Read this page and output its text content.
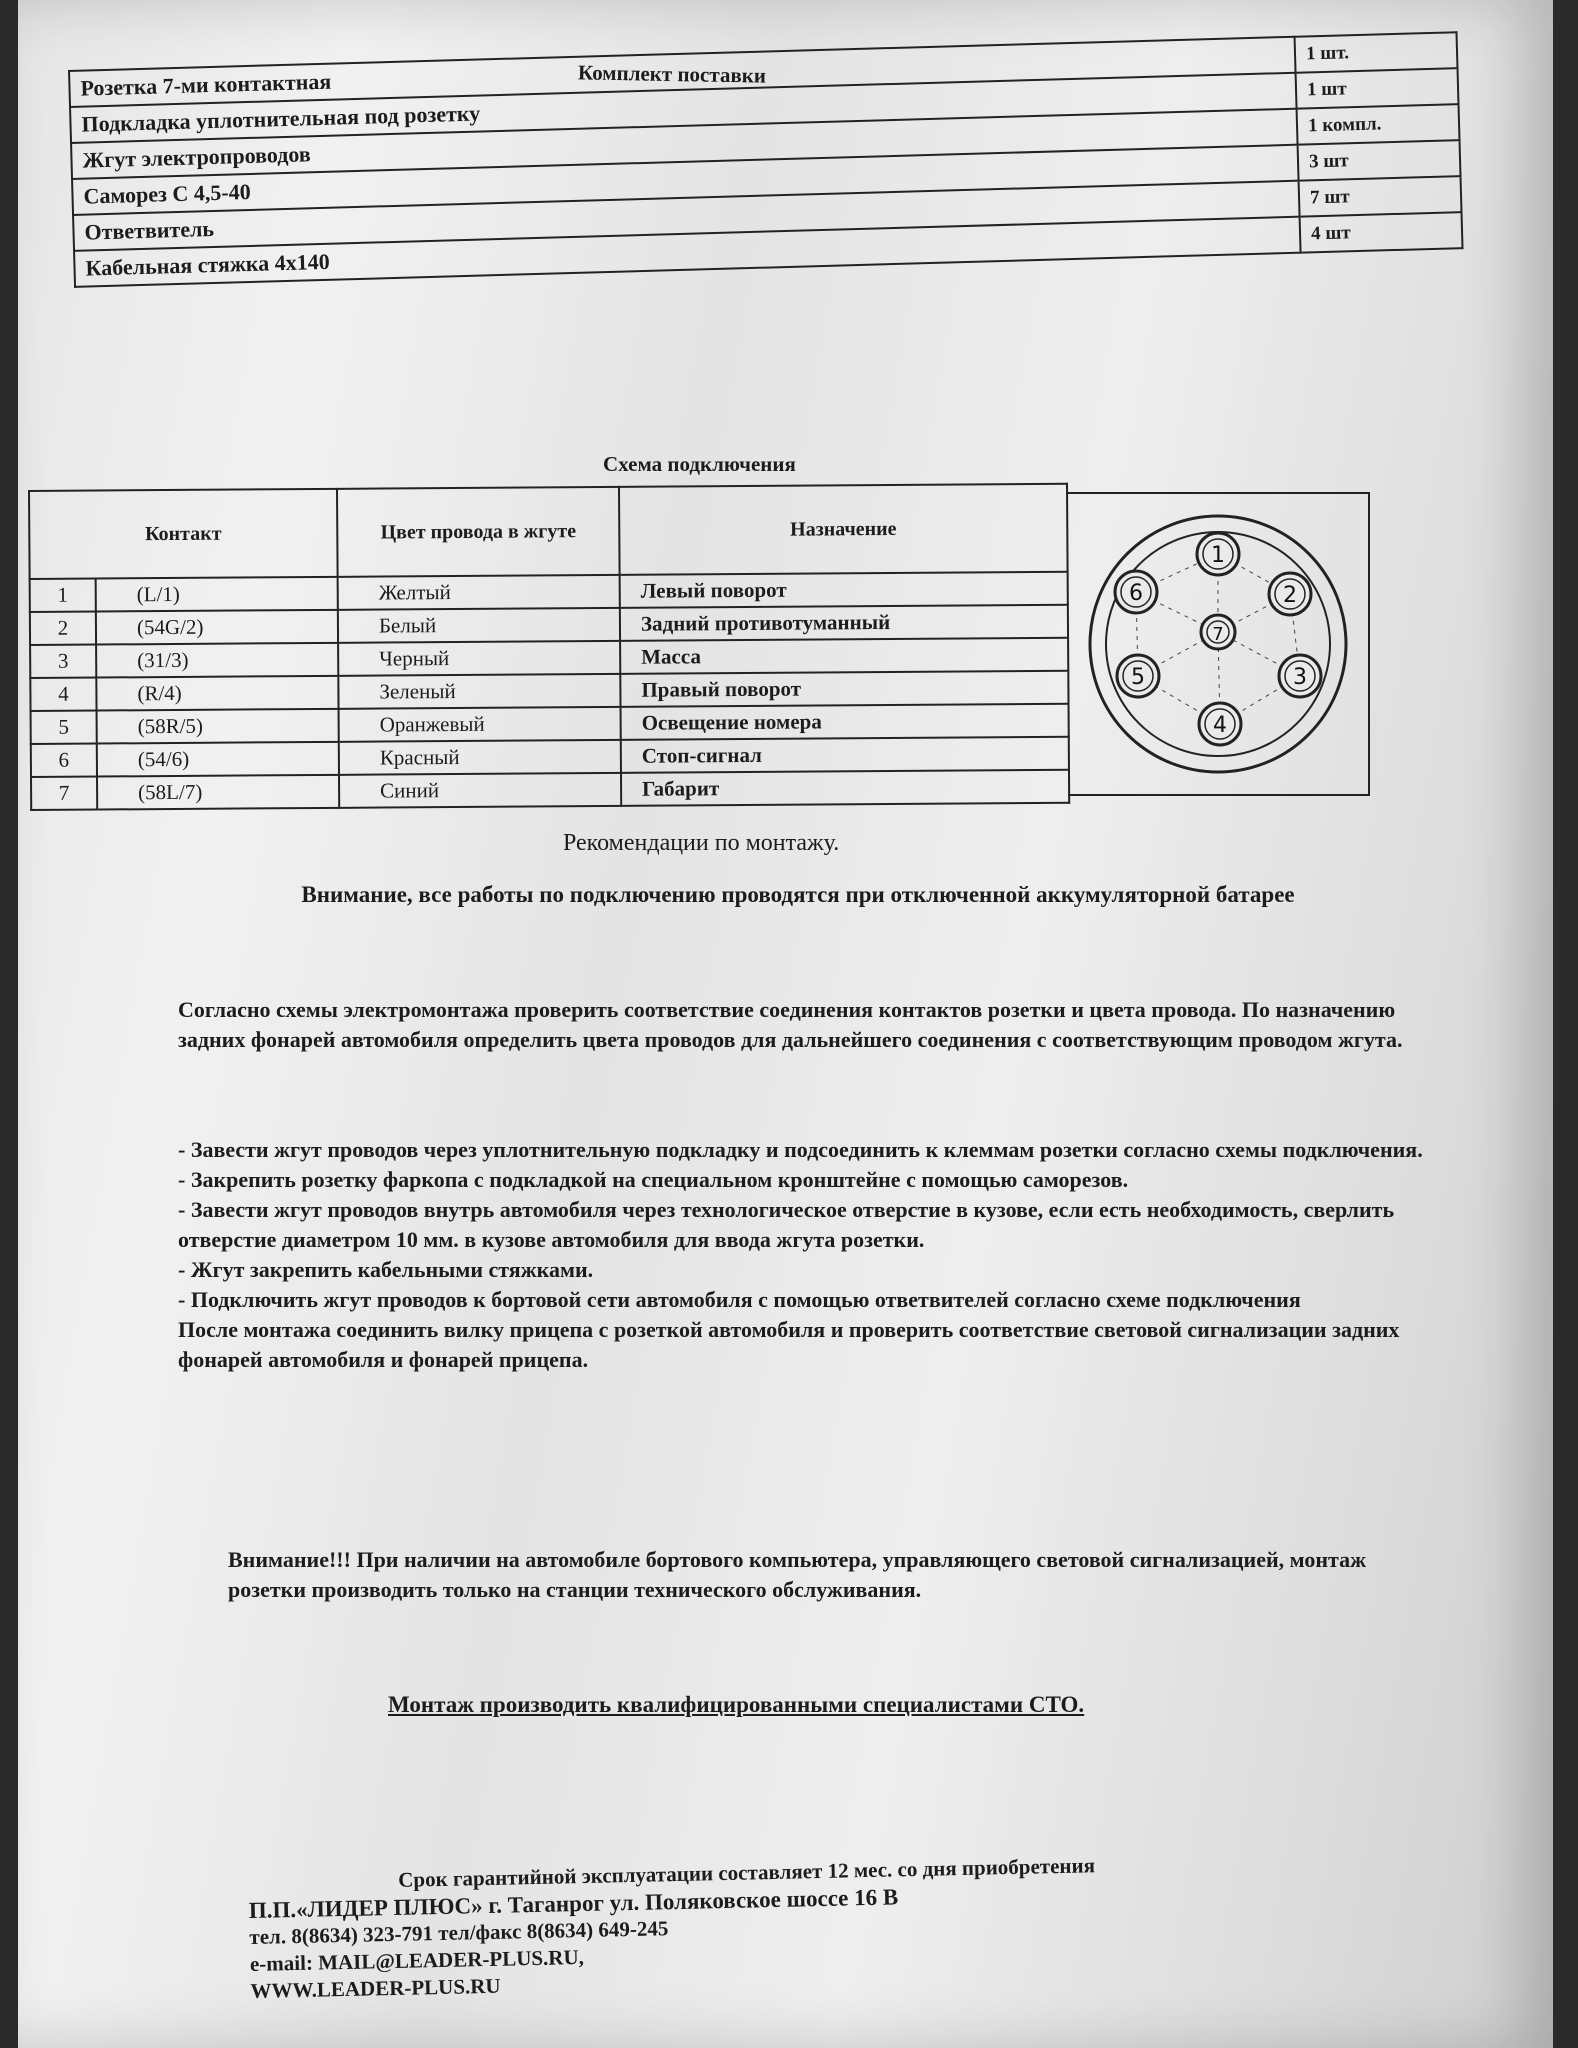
Комплект поставки
Розетка 7-ми контактная	1 шт.
Подкладка уплотнительная под розетку	1 шт
Жгут электропроводов	1 компл.
Саморез С 4,5-40	3 шт
Ответвитель	7 шт
Кабельная стяжка 4х140	4 шт
Схема подключения
Контакт		Цвет провода в жгуте	Назначение
1	(L/1)	Желтый	Левый поворот
2	(54G/2)	Белый	Задний противотуманный
3	(31/3)	Черный	Масса
4	(R/4)	Зеленый	Правый поворот
5	(58R/5)	Оранжевый	Освещение номера
6	(54/6)	Красный	Стоп-сигнал
7	(58L/7)	Синий	Габарит
1
2
3
4
5
6
7
Рекомендации по монтажу.
Внимание, все работы по подключению проводятся при отключенной аккумуляторной батарее
Согласно схемы электромонтажа проверить соответствие соединения контактов розетки и цвета провода. По назначению задних фонарей автомобиля определить цвета проводов для дальнейшего соединения с соответствующим проводом жгута.

- Завести жгут проводов через уплотнительную подкладку и подсоединить к клеммам розетки согласно схемы подключения.

- Закрепить розетку фаркопа с подкладкой на специальном кронштейне с помощью саморезов.

- Завести жгут проводов внутрь автомобиля через технологическое отверстие в кузове, если есть необходимость, сверлить отверстие диаметром 10 мм. в кузове автомобиля для ввода жгута розетки.

- Жгут закрепить кабельными стяжками.

- Подключить жгут проводов к бортовой сети автомобиля с помощью ответвителей согласно схеме подключения

После монтажа соединить вилку прицепа с розеткой автомобиля и проверить соответствие световой сигнализации задних фонарей автомобиля и фонарей прицепа.

Внимание!!! При наличии на автомобиле бортового компьютера, управляющего световой сигнализацией, монтаж розетки производить только на станции технического обслуживания.
Монтаж производить квалифицированными специалистами СТО.

Срок гарантийной эксплуатации составляет 12 мес. со дня приобретения

П.П.«ЛИДЕР ПЛЮС» г. Таганрог ул. Поляковское шоссе 16 В

тел. 8(8634) 323-791 тел/факс 8(8634) 649-245

e-mail: MAIL@LEADER-PLUS.RU,

WWW.LEADER-PLUS.RU
